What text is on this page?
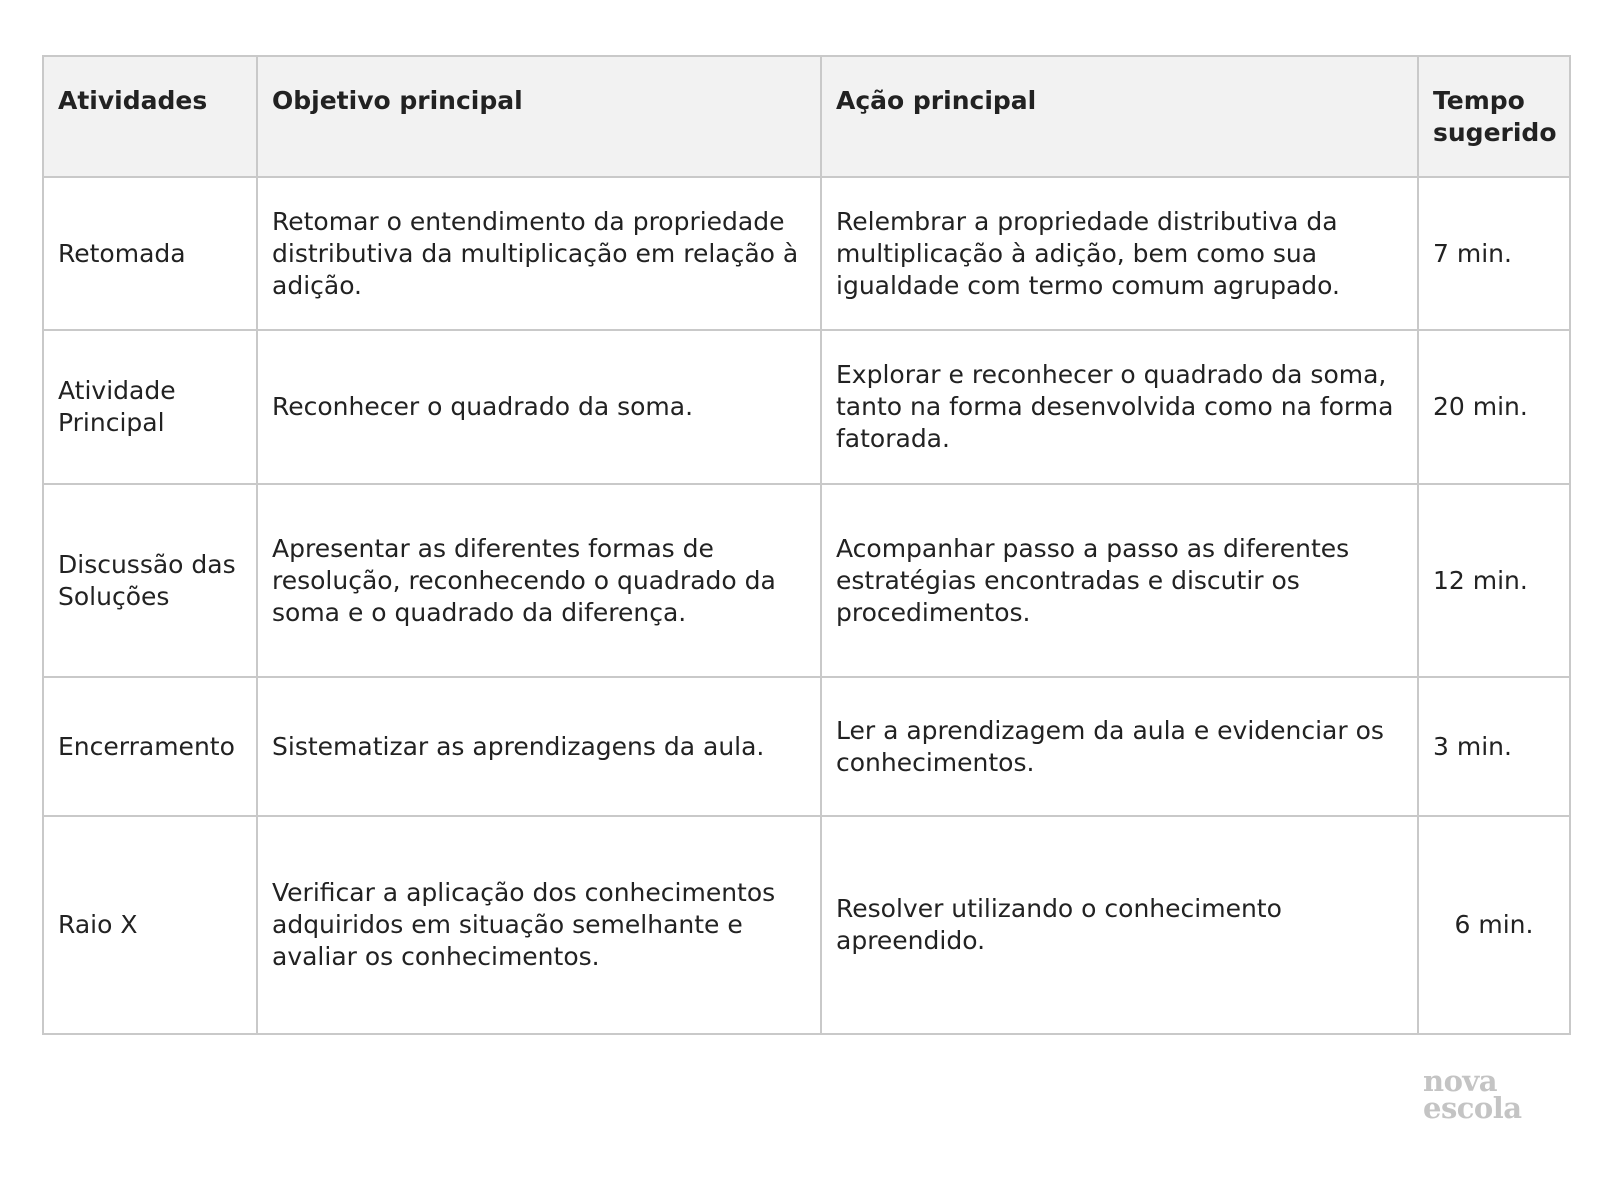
Atividades	Objetivo principal	Ação principal	Tempo sugerido
Retomada	Retomar o entendimento da propriedade distributiva da multiplicação em relação à adição.	Relembrar a propriedade distributiva da multiplicação à adição, bem como sua igualdade com termo comum agrupado.	7 min.
Atividade Principal	Reconhecer o quadrado da soma.	Explorar e reconhecer o quadrado da soma, tanto na forma desenvolvida como na forma fatorada.	20 min.
Discussão das Soluções	Apresentar as diferentes formas de resolução, reconhecendo o quadrado da soma e o quadrado da diferença.	Acompanhar passo a passo as diferentes estratégias encontradas e discutir os procedimentos.	12 min.
Encerramento	Sistematizar as aprendizagens da aula.	Ler a aprendizagem da aula e evidenciar os conhecimentos.	3 min.
Raio X	Verificar a aplicação dos conhecimentos adquiridos em situação semelhante e avaliar os conhecimentos.	Resolver utilizando o conhecimento apreendido.	6 min.
nova
escola
